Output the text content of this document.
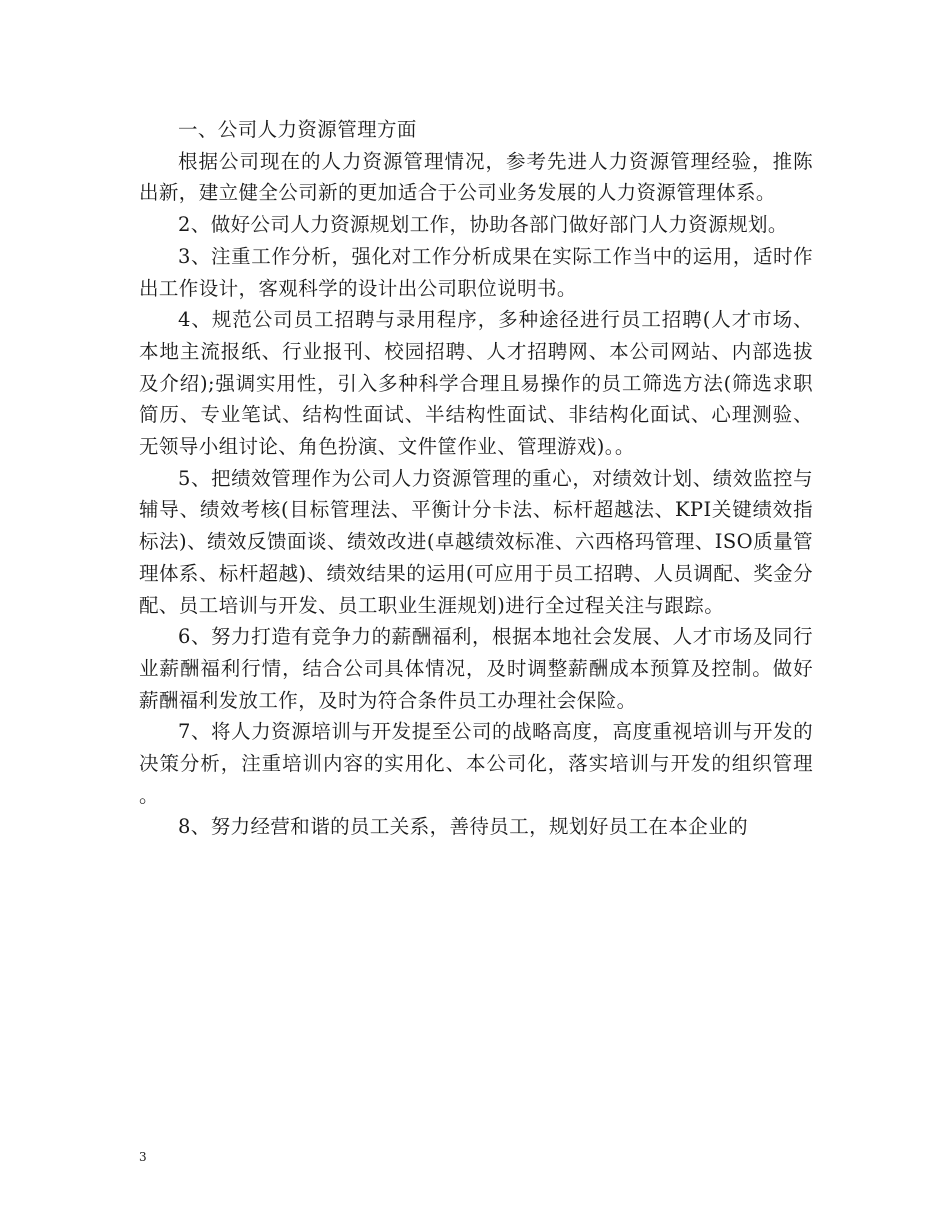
一、公司人力资源管理方面

根据公司现在的人力资源管理情况，参考先进人力资源管理经验，推陈出新，建立健全公司新的更加适合于公司业务发展的人力资源管理体系。

2、做好公司人力资源规划工作，协助各部门做好部门人力资源规划。

3、注重工作分析，强化对工作分析成果在实际工作当中的运用，适时作出工作设计，客观科学的设计出公司职位说明书。

4、规范公司员工招聘与录用程序，多种途径进行员工招聘(人才市场、本地主流报纸、行业报刊、校园招聘、人才招聘网、本公司网站、内部选拔及介绍);强调实用性，引入多种科学合理且易操作的员工筛选方法(筛选求职简历、专业笔试、结构性面试、半结构性面试、非结构化面试、心理测验、无领导小组讨论、角色扮演、文件筐作业、管理游戏)。。

5、把绩效管理作为公司人力资源管理的重心，对绩效计划、绩效监控与辅导、绩效考核(目标管理法、平衡计分卡法、标杆超越法、KPI关键绩效指标法)、绩效反馈面谈、绩效改进(卓越绩效标准、六西格玛管理、ISO质量管理体系、标杆超越)、绩效结果的运用(可应用于员工招聘、人员调配、奖金分配、员工培训与开发、员工职业生涯规划)进行全过程关注与跟踪。

6、努力打造有竞争力的薪酬福利，根据本地社会发展、人才市场及同行业薪酬福利行情，结合公司具体情况，及时调整薪酬成本预算及控制。做好薪酬福利发放工作，及时为符合条件员工办理社会保险。

7、将人力资源培训与开发提至公司的战略高度，高度重视培训与开发的决策分析，注重培训内容的实用化、本公司化，落实培训与开发的组织管理。

8、努力经营和谐的员工关系，善待员工，规划好员工在本企业的

3
